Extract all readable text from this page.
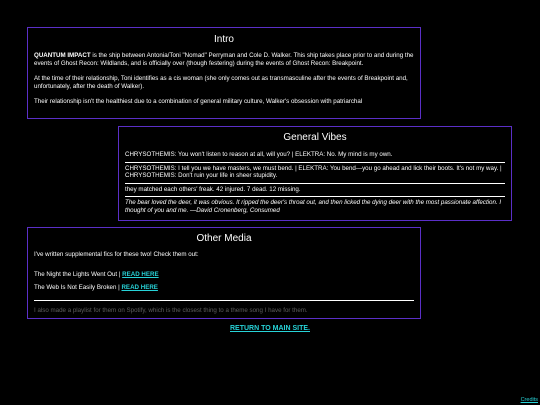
Intro

QUANTUM IMPACT is the ship between Antonia/Toni "Nomad" Perryman and Cole D. Walker. This ship takes place prior to and during the events of Ghost Recon: Wildlands, and is officially over (though festering) during the events of Ghost Recon: Breakpoint.

At the time of their relationship, Toni identifies as a cis woman (she only comes out as transmasculine after the events of Breakpoint and, unfortunately, after the death of Walker).

Their relationship isn't the healthiest due to a combination of general military culture, Walker's obsession with patriarchal

General Vibes
CHRYSOTHEMIS: You won't listen to reason at all, will you? | ELEKTRA: No. My mind is my own.
CHRYSOTHEMIS: I tell you we have masters, we must bend. | ELEKTRA: You bend—you go ahead and lick their boots. It's not my way. | CHRYSOTHEMIS: Don't ruin your life in sheer stupidity.
they matched each others' freak. 42 injured. 7 dead. 12 missing.
The bear loved the deer, it was obvious. It ripped the deer's throat out, and then licked the dying deer with the most passionate affection. I thought of you and me. —David Cronenberg, Consumed
Other Media

I've written supplemental fics for these two! Check them out:

The Night the Lights Went Out | READ HERE

The Web Is Not Easily Broken | READ HERE

I also made a playlist for them on Spotify, which is the closest thing to a theme song I have for them.

RETURN TO MAIN SITE.
Credits
